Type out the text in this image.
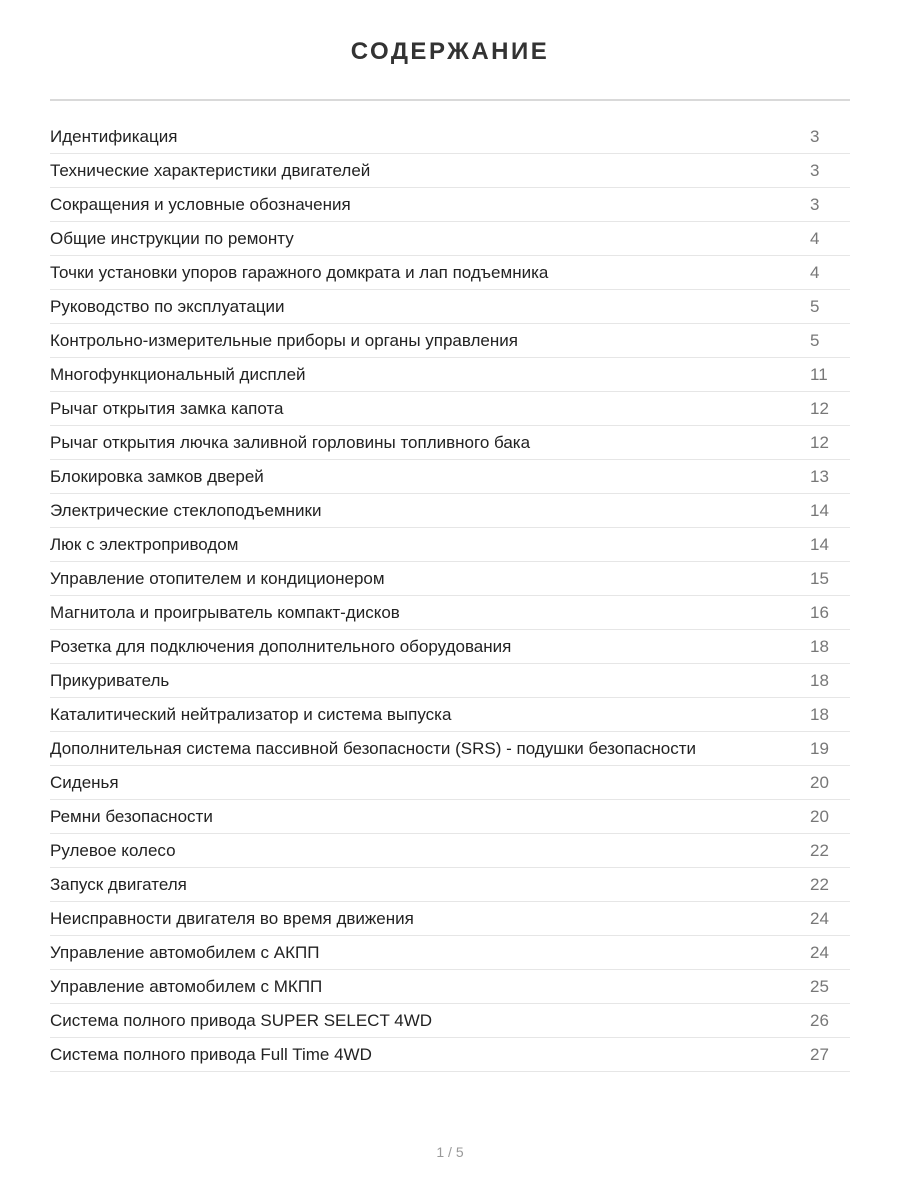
СОДЕРЖАНИЕ
Идентификация	3
Технические характеристики двигателей	3
Сокращения и условные обозначения	3
Общие инструкции по ремонту	4
Точки установки упоров гаражного домкрата и лап подъемника	4
Руководство по эксплуатации	5
Контрольно-измерительные приборы и органы управления	5
Многофункциональный дисплей	11
Рычаг открытия замка капота	12
Рычаг открытия лючка заливной горловины топливного бака	12
Блокировка замков дверей	13
Электрические стеклоподъемники	14
Люк с электроприводом	14
Управление отопителем и кондиционером	15
Магнитола и проигрыватель компакт-дисков	16
Розетка для подключения дополнительного оборудования	18
Прикуриватель	18
Каталитический нейтрализатор и система выпуска	18
Дополнительная система пассивной безопасности (SRS) - подушки безопасности	19
Сиденья	20
Ремни безопасности	20
Рулевое колесо	22
Запуск двигателя	22
Неисправности двигателя во время движения	24
Управление автомобилем с АКПП	24
Управление автомобилем с МКПП	25
Система полного привода SUPER SELECT 4WD	26
Система полного привода Full Time 4WD	27
1 / 5
